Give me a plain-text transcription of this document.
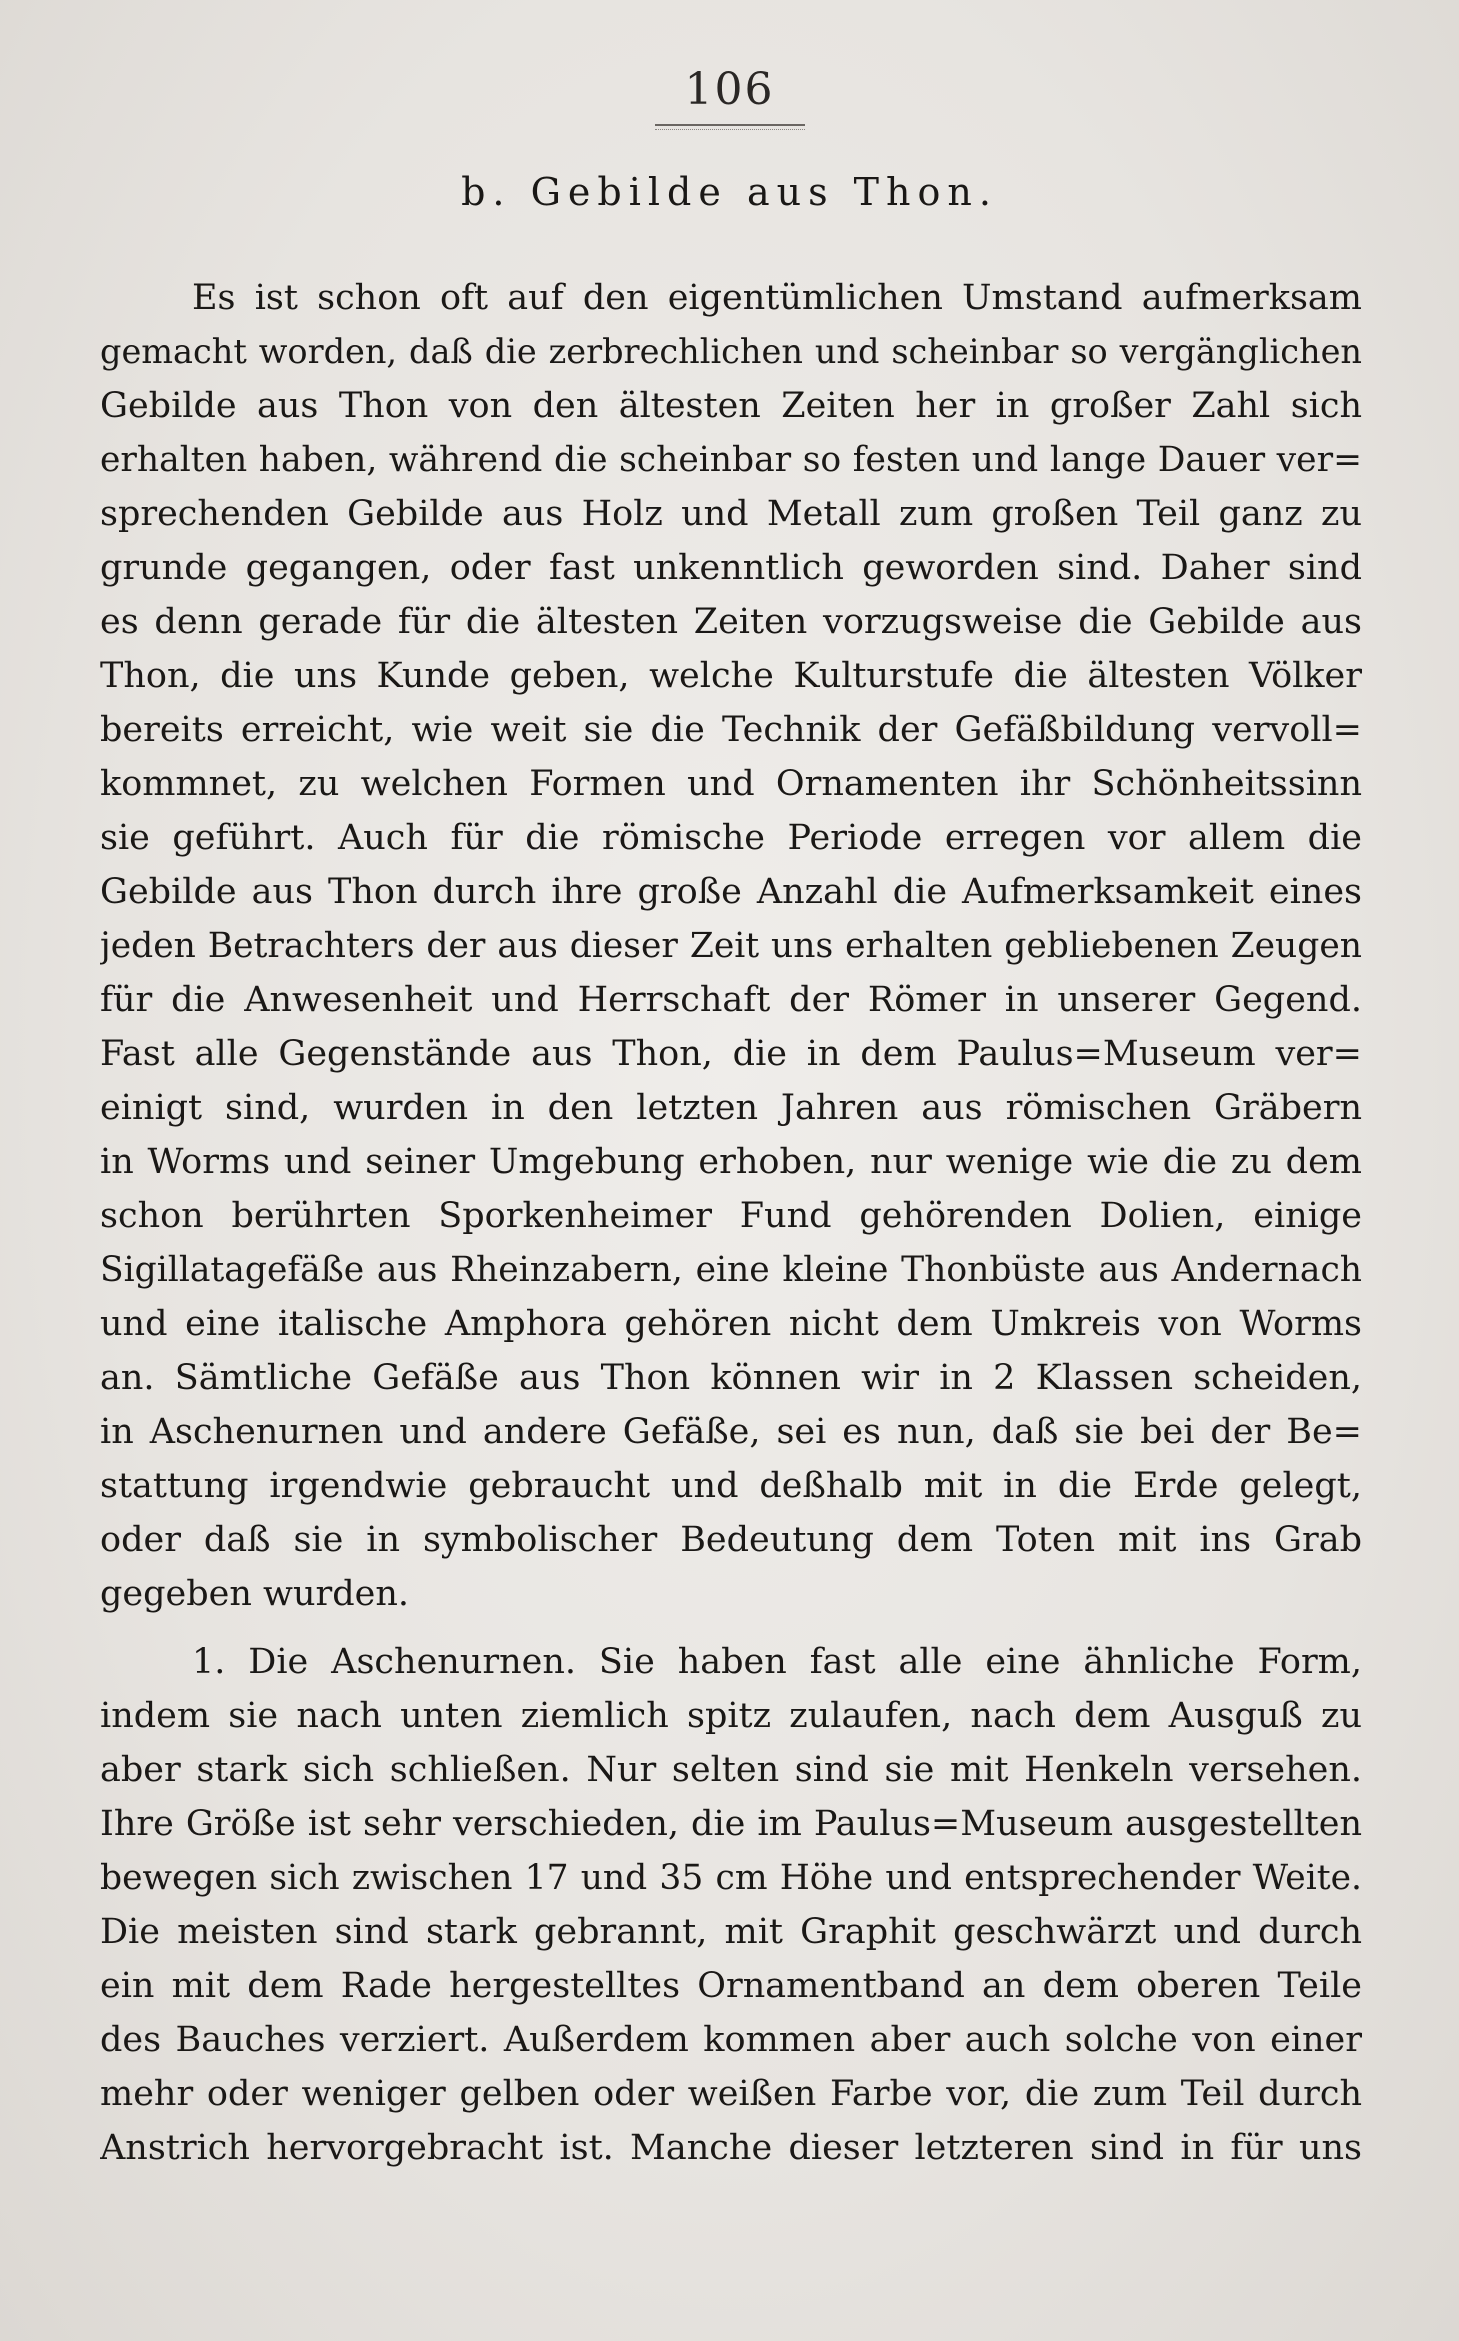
106
b. Gebilde aus Thon.
Es ist schon oft auf den eigentümlichen Umstand aufmerksam
gemacht worden, daß die zerbrechlichen und scheinbar so vergänglichen
Gebilde aus Thon von den ältesten Zeiten her in großer Zahl sich
erhalten haben, während die scheinbar so festen und lange Dauer ver=
sprechenden Gebilde aus Holz und Metall zum großen Teil ganz zu
grunde gegangen, oder fast unkenntlich geworden sind. Daher sind
es denn gerade für die ältesten Zeiten vorzugsweise die Gebilde aus
Thon, die uns Kunde geben, welche Kulturstufe die ältesten Völker
bereits erreicht, wie weit sie die Technik der Gefäßbildung vervoll=
kommnet, zu welchen Formen und Ornamenten ihr Schönheitssinn
sie geführt. Auch für die römische Periode erregen vor allem die
Gebilde aus Thon durch ihre große Anzahl die Aufmerksamkeit eines
jeden Betrachters der aus dieser Zeit uns erhalten gebliebenen Zeugen
für die Anwesenheit und Herrschaft der Römer in unserer Gegend.
Fast alle Gegenstände aus Thon, die in dem Paulus=Museum ver=
einigt sind, wurden in den letzten Jahren aus römischen Gräbern
in Worms und seiner Umgebung erhoben, nur wenige wie die zu dem
schon berührten Sporkenheimer Fund gehörenden Dolien, einige
Sigillatagefäße aus Rheinzabern, eine kleine Thonbüste aus Andernach
und eine italische Amphora gehören nicht dem Umkreis von Worms
an. Sämtliche Gefäße aus Thon können wir in 2 Klassen scheiden,
in Aschenurnen und andere Gefäße, sei es nun, daß sie bei der Be=
stattung irgendwie gebraucht und deßhalb mit in die Erde gelegt,
oder daß sie in symbolischer Bedeutung dem Toten mit ins Grab
gegeben wurden.
1. Die Aschenurnen. Sie haben fast alle eine ähnliche Form,
indem sie nach unten ziemlich spitz zulaufen, nach dem Ausguß zu
aber stark sich schließen. Nur selten sind sie mit Henkeln versehen.
Ihre Größe ist sehr verschieden, die im Paulus=Museum ausgestellten
bewegen sich zwischen 17 und 35 cm Höhe und entsprechender Weite.
Die meisten sind stark gebrannt, mit Graphit geschwärzt und durch
ein mit dem Rade hergestelltes Ornamentband an dem oberen Teile
des Bauches verziert. Außerdem kommen aber auch solche von einer
mehr oder weniger gelben oder weißen Farbe vor, die zum Teil durch
Anstrich hervorgebracht ist. Manche dieser letzteren sind in für uns
